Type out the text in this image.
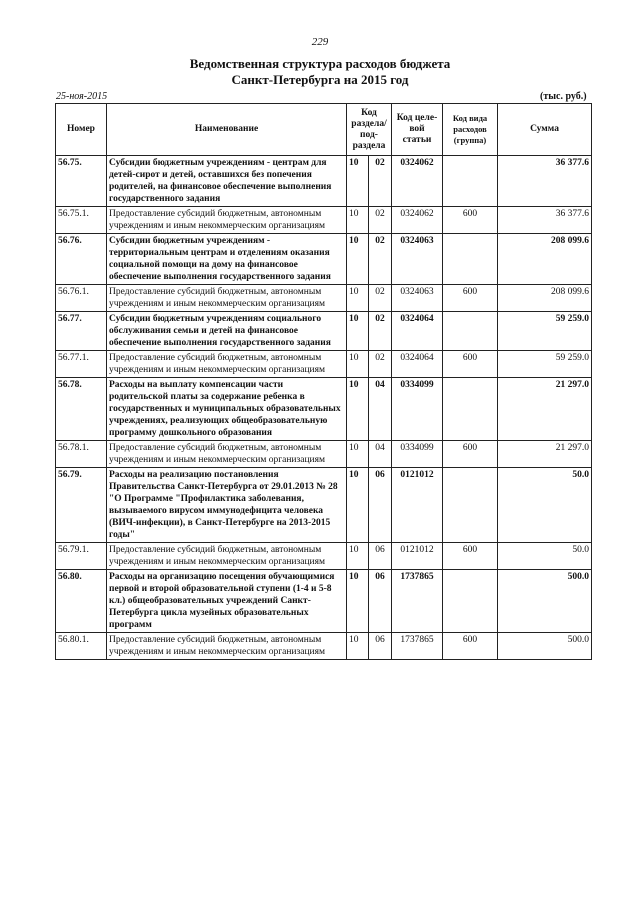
229
Ведомственная структура расходов бюджета
Санкт-Петербурга на 2015 год
25-ноя-2015	(тыс. руб.)
Номер	Наименование	Код раздела/ под-раздела		Код целе-вой статьи	Код вида расходов (группа)	Сумма
56.75.	Субсидии бюджетным учреждениям - центрам для детей-сирот и детей, оставшихся без попечения родителей, на финансовое обеспечение выполнения государственного задания	10	02	0324062		36 377.6
56.75.1.	Предоставление субсидий бюджетным, автономным учреждениям и иным некоммерческим организациям	10	02	0324062	600	36 377.6
56.76.	Субсидии бюджетным учреждениям - территориальным центрам и отделениям оказания социальной помощи на дому на финансовое обеспечение выполнения государственного задания	10	02	0324063		208 099.6
56.76.1.	Предоставление субсидий бюджетным, автономным учреждениям и иным некоммерческим организациям	10	02	0324063	600	208 099.6
56.77.	Субсидии бюджетным учреждениям социального обслуживания семьи и детей на финансовое обеспечение выполнения государственного задания	10	02	0324064		59 259.0
56.77.1.	Предоставление субсидий бюджетным, автономным учреждениям и иным некоммерческим организациям	10	02	0324064	600	59 259.0
56.78.	Расходы на выплату компенсации части родительской платы за содержание ребенка в государственных и муниципальных образовательных учреждениях, реализующих общеобразовательную программу дошкольного образования	10	04	0334099		21 297.0
56.78.1.	Предоставление субсидий бюджетным, автономным учреждениям и иным некоммерческим организациям	10	04	0334099	600	21 297.0
56.79.	Расходы на реализацию постановления Правительства Санкт-Петербурга от 29.01.2013 № 28 "О Программе "Профилактика заболевания, вызываемого вирусом иммунодефицита человека (ВИЧ-инфекции), в Санкт-Петербурге на 2013-2015 годы"	10	06	0121012		50.0
56.79.1.	Предоставление субсидий бюджетным, автономным учреждениям и иным некоммерческим организациям	10	06	0121012	600	50.0
56.80.	Расходы на организацию посещения обучающимися первой и второй образовательной ступени (1-4 и 5-8 кл.) общеобразовательных учреждений Санкт-Петербурга цикла музейных образовательных программ	10	06	1737865		500.0
56.80.1.	Предоставление субсидий бюджетным, автономным учреждениям и иным некоммерческим организациям	10	06	1737865	600	500.0
